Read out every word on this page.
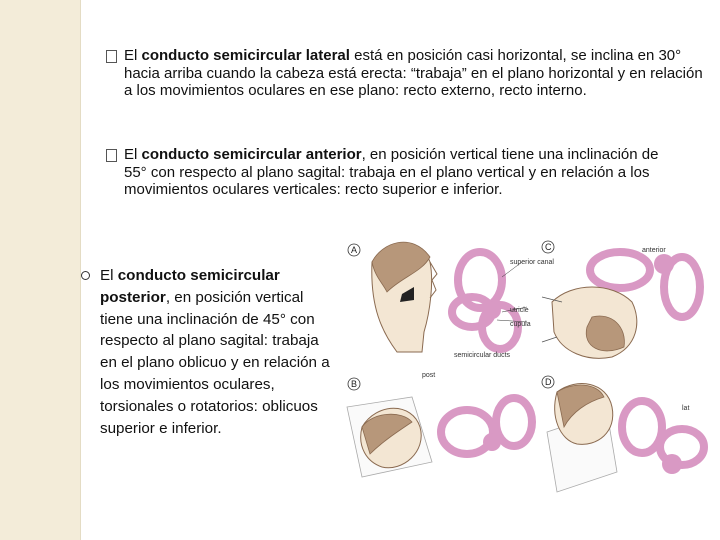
El conducto semicircular lateral está en posición casi horizontal, se inclina en 30° hacia arriba cuando la cabeza está erecta: “trabaja” en el plano horizontal y en relación a los movimientos oculares en ese plano: recto externo, recto interno.
El conducto semicircular anterior, en posición vertical tiene una inclinación de 55° con respecto al plano sagital: trabaja en el plano vertical y en relación a los movimientos oculares verticales: recto superior e inferior.
El conducto semicircular posterior, en posición vertical tiene una inclinación de 45° con respecto al plano sagital: trabaja en el plano oblicuo y en relación a los movimientos oculares, torsionales o rotatorios: oblicuos superior e inferior.
A
superior canal
utricle
cupula
semicircular ducts
C	anterior
B
post
D
lat
